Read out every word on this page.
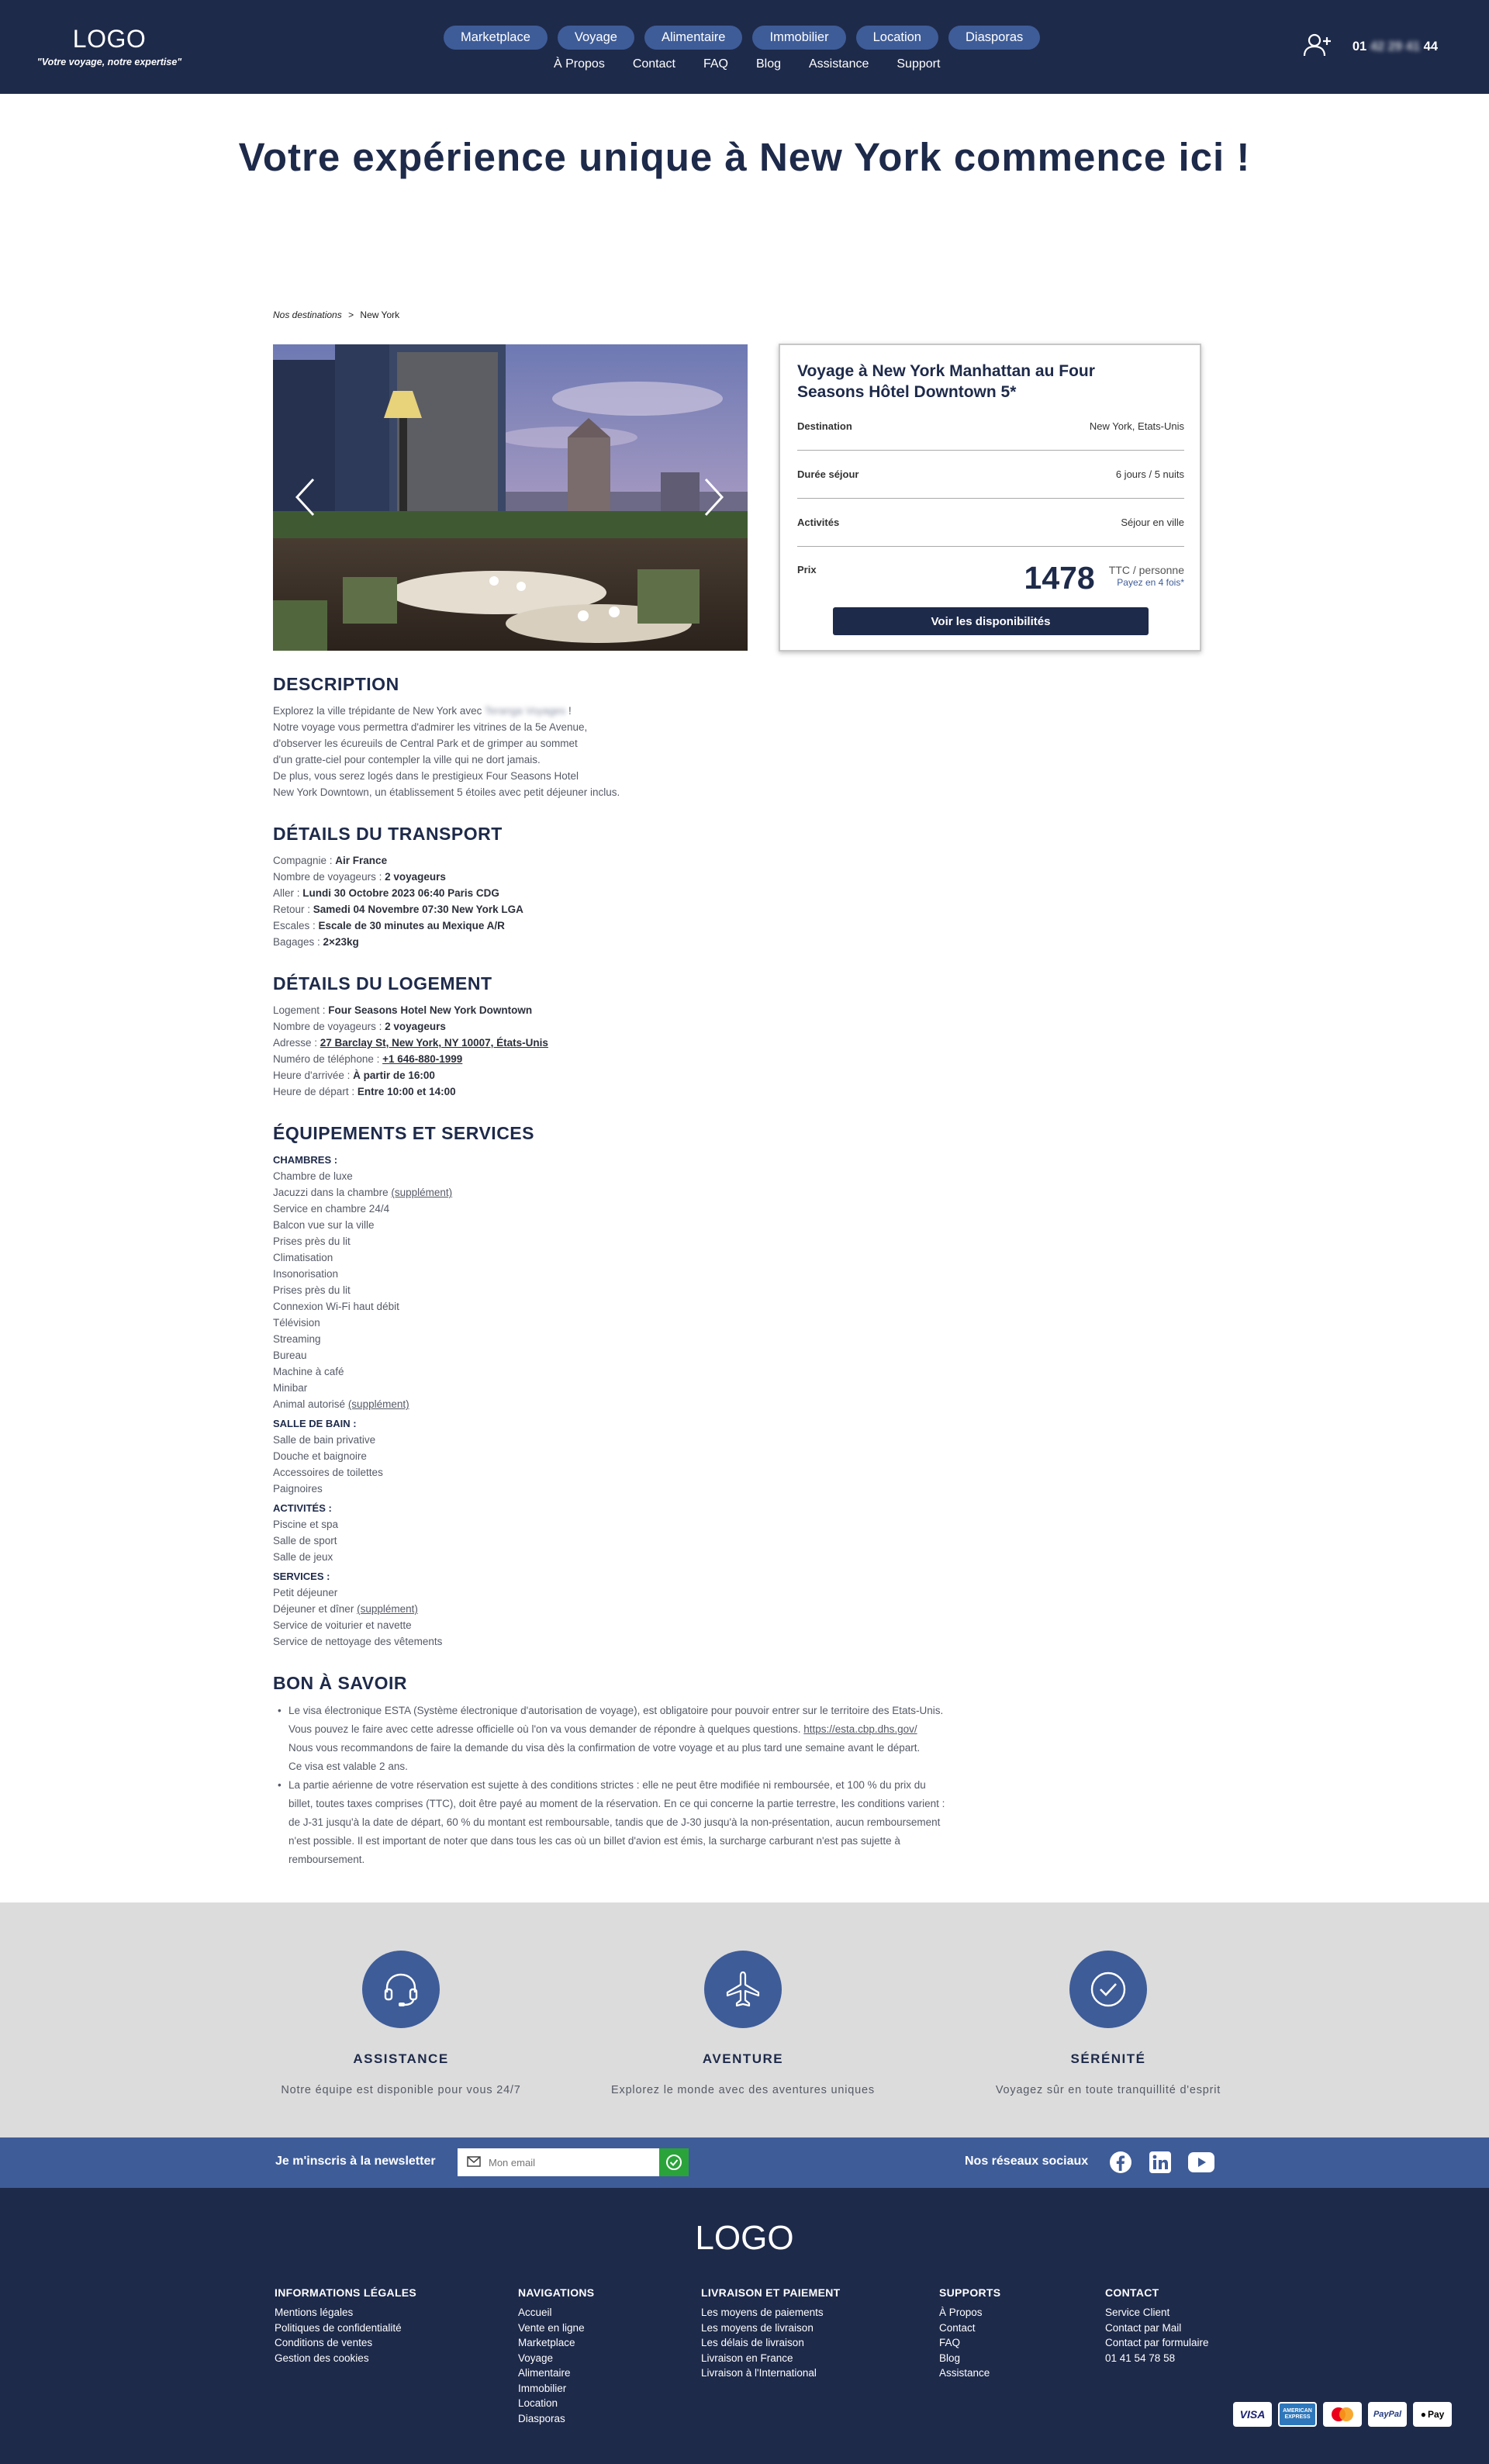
LOGO
"Votre voyage, notre expertise"
Marketplace	Voyage	Alimentaire	Immobilier	Location	Diasporas
À Propos Contact FAQ Blog Assistance Support
01 42 29 41 44
Votre expérience unique à New York commence ici !
Nos destinations > New York
Voyage à New York Manhattan au Four Seasons Hôtel Downtown 5*
Destination	New York, Etats-Unis
Durée séjour	6 jours / 5 nuits
Activités	Séjour en ville
Prix	1478 TTC / personne
Payez en 4 fois*
Voir les disponibilités
DESCRIPTION
Explorez la ville trépidante de New York avec Teranga Voyages !
Notre voyage vous permettra d'admirer les vitrines de la 5e Avenue,
d'observer les écureuils de Central Park et de grimper au sommet
d'un gratte-ciel pour contempler la ville qui ne dort jamais.
De plus, vous serez logés dans le prestigieux Four Seasons Hotel
New York Downtown, un établissement 5 étoiles avec petit déjeuner inclus.
DÉTAILS DU TRANSPORT
Compagnie : Air France
Nombre de voyageurs : 2 voyageurs
Aller : Lundi 30 Octobre 2023 06:40 Paris CDG
Retour : Samedi 04 Novembre 07:30 New York LGA
Escales : Escale de 30 minutes au Mexique A/R
Bagages : 2×23kg
DÉTAILS DU LOGEMENT
Logement : Four Seasons Hotel New York Downtown
Nombre de voyageurs : 2 voyageurs
Adresse : 27 Barclay St, New York, NY 10007, États-Unis
Numéro de téléphone : +1 646-880-1999
Heure d'arrivée : À partir de 16:00
Heure de départ : Entre 10:00 et 14:00
ÉQUIPEMENTS ET SERVICES
CHAMBRES :
Chambre de luxe
Jacuzzi dans la chambre (supplément)
Service en chambre 24/4
Balcon vue sur la ville
Prises près du lit
Climatisation
Insonorisation
Prises près du lit
Connexion Wi-Fi haut débit
Télévision
Streaming
Bureau
Machine à café
Minibar
Animal autorisé (supplément)
SALLE DE BAIN :
Salle de bain privative
Douche et baignoire
Accessoires de toilettes
Paignoires
ACTIVITÉS :
Piscine et spa
Salle de sport
Salle de jeux
SERVICES :
Petit déjeuner
Déjeuner et dîner (supplément)
Service de voiturier et navette
Service de nettoyage des vêtements
BON À SAVOIR
• Le visa électronique ESTA (Système électronique d'autorisation de voyage), est obligatoire pour pouvoir entrer sur le territoire des Etats-Unis.
Vous pouvez le faire avec cette adresse officielle où l'on va vous demander de répondre à quelques questions. https://esta.cbp.dhs.gov/
Nous vous recommandons de faire la demande du visa dès la confirmation de votre voyage et au plus tard une semaine avant le départ.
Ce visa est valable 2 ans.
• La partie aérienne de votre réservation est sujette à des conditions strictes : elle ne peut être modifiée ni remboursée, et 100 % du prix du
billet, toutes taxes comprises (TTC), doit être payé au moment de la réservation. En ce qui concerne la partie terrestre, les conditions varient :
de J-31 jusqu'à la date de départ, 60 % du montant est remboursable, tandis que de J-30 jusqu'à la non-présentation, aucun remboursement
n'est possible. Il est important de noter que dans tous les cas où un billet d'avion est émis, la surcharge carburant n'est pas sujette à
remboursement.
ASSISTANCE
Notre équipe est disponible pour vous 24/7
AVENTURE
Explorez le monde avec des aventures uniques
SÉRÉNITÉ
Voyagez sûr en toute tranquillité d'esprit
Je m'inscris à la newsletter
Mon email	Nos réseaux sociaux
LOGO
INFORMATIONS LÉGALES
Mentions légales
Politiques de confidentialité
Conditions de ventes
Gestion des cookies
NAVIGATIONS
Accueil
Vente en ligne
Marketplace
Voyage
Alimentaire
Immobilier
Location
Diasporas
LIVRAISON ET PAIEMENT
Les moyens de paiements
Les moyens de livraison
Les délais de livraison
Livraison en France
Livraison à l'International
SUPPORTS
À Propos
Contact
FAQ
Blog
Assistance
CONTACT
Service Client
Contact par Mail
Contact par formulaire
01 41 54 78 58
VISA	AMERICAN EXPRESS	PayPal	● Pay
